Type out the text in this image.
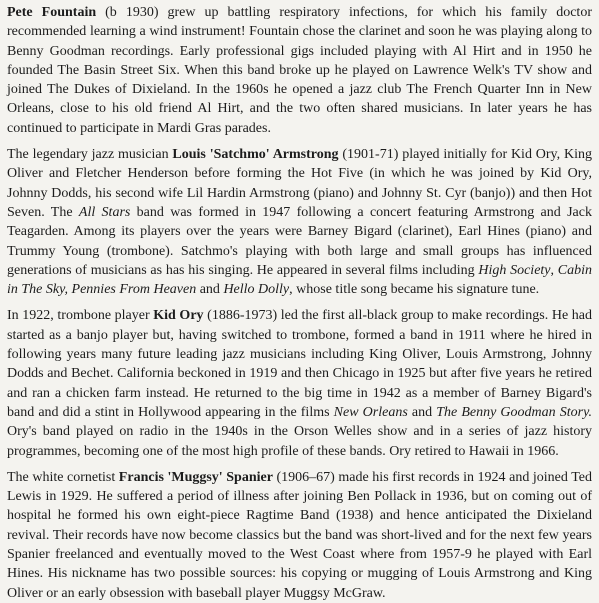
Pete Fountain (b 1930) grew up battling respiratory infections, for which his family doctor recommended learning a wind instrument! Fountain chose the clarinet and soon he was playing along to Benny Goodman recordings. Early professional gigs included playing with Al Hirt and in 1950 he founded The Basin Street Six. When this band broke up he played on Lawrence Welk's TV show and joined The Dukes of Dixieland. In the 1960s he opened a jazz club The French Quarter Inn in New Orleans, close to his old friend Al Hirt, and the two often shared musicians. In later years he has continued to participate in Mardi Gras parades.

The legendary jazz musician Louis 'Satchmo' Armstrong (1901-71) played initially for Kid Ory, King Oliver and Fletcher Henderson before forming the Hot Five (in which he was joined by Kid Ory, Johnny Dodds, his second wife Lil Hardin Armstrong (piano) and Johnny St. Cyr (banjo)) and then Hot Seven. The All Stars band was formed in 1947 following a concert featuring Armstrong and Jack Teagarden. Among its players over the years were Barney Bigard (clarinet), Earl Hines (piano) and Trummy Young (trombone). Satchmo's playing with both large and small groups has influenced generations of musicians as has his singing. He appeared in several films including High Society, Cabin in The Sky, Pennies From Heaven and Hello Dolly, whose title song became his signature tune.

In 1922, trombone player Kid Ory (1886-1973) led the first all-black group to make recordings. He had started as a banjo player but, having switched to trombone, formed a band in 1911 where he hired in following years many future leading jazz musicians including King Oliver, Louis Armstrong, Johnny Dodds and Bechet. California beckoned in 1919 and then Chicago in 1925 but after five years he retired and ran a chicken farm instead. He returned to the big time in 1942 as a member of Barney Bigard's band and did a stint in Hollywood appearing in the films New Orleans and The Benny Goodman Story. Ory's band played on radio in the 1940s in the Orson Welles show and in a series of jazz history programmes, becoming one of the most high profile of these bands. Ory retired to Hawaii in 1966.

The white cornetist Francis 'Muggsy' Spanier (1906–67) made his first records in 1924 and joined Ted Lewis in 1929. He suffered a period of illness after joining Ben Pollack in 1936, but on coming out of hospital he formed his own eight-piece Ragtime Band (1938) and hence anticipated the Dixieland revival. Their records have now become classics but the band was short-lived and for the next few years Spanier freelanced and eventually moved to the West Coast where from 1957-9 he played with Earl Hines. His nickname has two possible sources: his copying or mugging of Louis Armstrong and King Oliver or an early obsession with baseball player Muggsy McGraw.
